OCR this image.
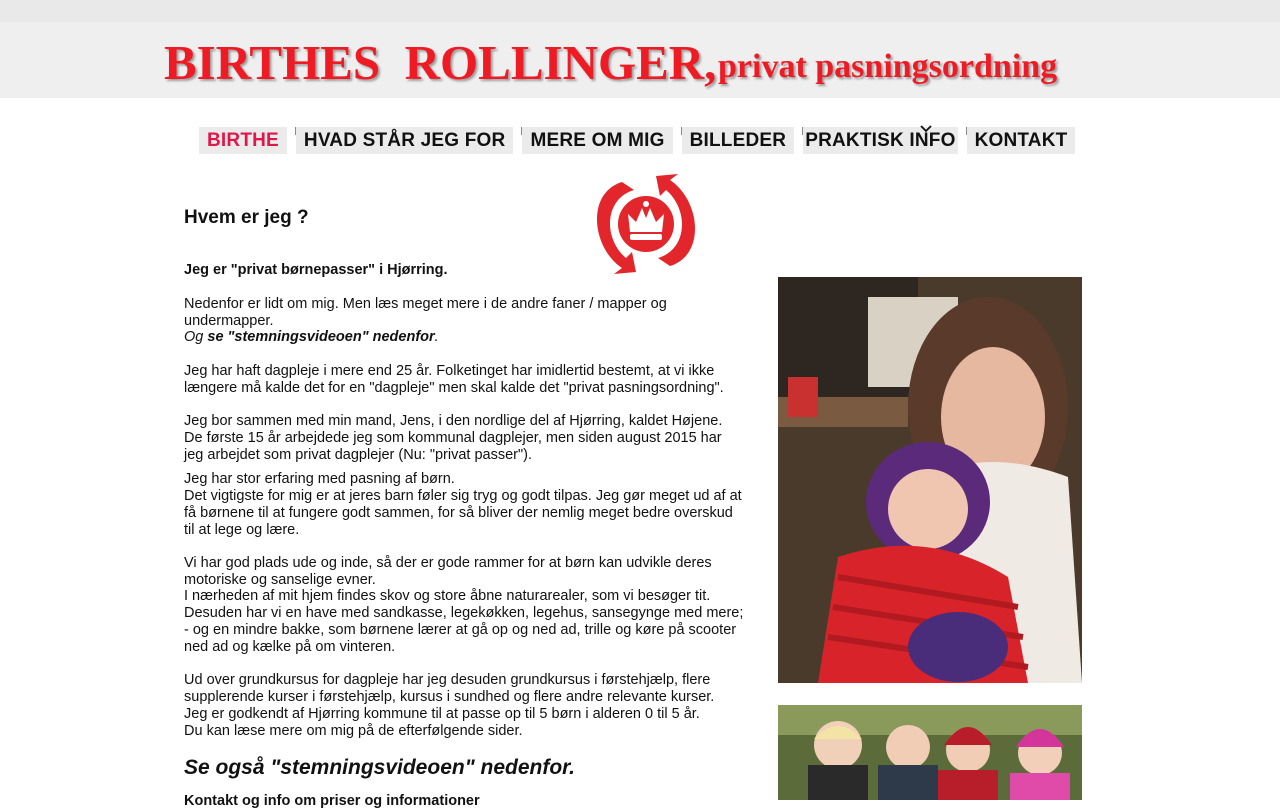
BIRTHES  ROLLINGER, privat pasningsordning
BIRTHE	HVAD STÅR JEG FOR	MERE OM MIG	BILLEDER	PRAKTISK INFO	KONTAKT
Hvem er jeg ?
Jeg er "privat børnepasser" i Hjørring.
Nedenfor er lidt om mig. Men læs meget mere i de andre faner / mapper og undermapper.
Og se "stemningsvideoen" nedenfor.
Jeg har haft dagpleje i mere end 25 år. Folketinget har imidlertid bestemt, at vi ikke længere må kalde det for en "dagpleje" men skal kalde det "privat pasningsordning".
Jeg bor sammen med min mand, Jens, i den nordlige del af Hjørring, kaldet Højene.
De første 15 år arbejdede jeg som kommunal dagplejer, men siden august 2015 har jeg arbejdet som privat dagplejer (Nu: "privat passer").
Jeg har stor erfaring med pasning af børn.
Det vigtigste for mig er at jeres barn føler sig tryg og godt tilpas. Jeg gør meget ud af at få børnene til at fungere godt sammen, for så bliver der nemlig meget bedre overskud til at lege og lære.
Vi har god plads ude og inde, så der er gode rammer for at børn kan udvikle deres motoriske og sanselige evner.
I nærheden af mit hjem findes skov og store åbne naturarealer, som vi besøger tit.
Desuden har vi en have med sandkasse, legekøkken, legehus, sansegynge med mere; - og en mindre bakke, som børnene lærer at gå op og ned ad, trille og køre på scooter ned ad og kælke på om vinteren.
Ud over grundkursus for dagpleje har jeg desuden grundkursus i førstehjælp, flere supplerende kurser i førstehjælp, kursus i sundhed og flere andre relevante kurser.
Jeg er godkendt af Hjørring kommune til at passe op til 5 børn i alderen 0 til 5 år.
Du kan læse mere om mig på de efterfølgende sider.
Se også "stemningsvideoen" nedenfor.
Kontakt og info om priser og informationer
